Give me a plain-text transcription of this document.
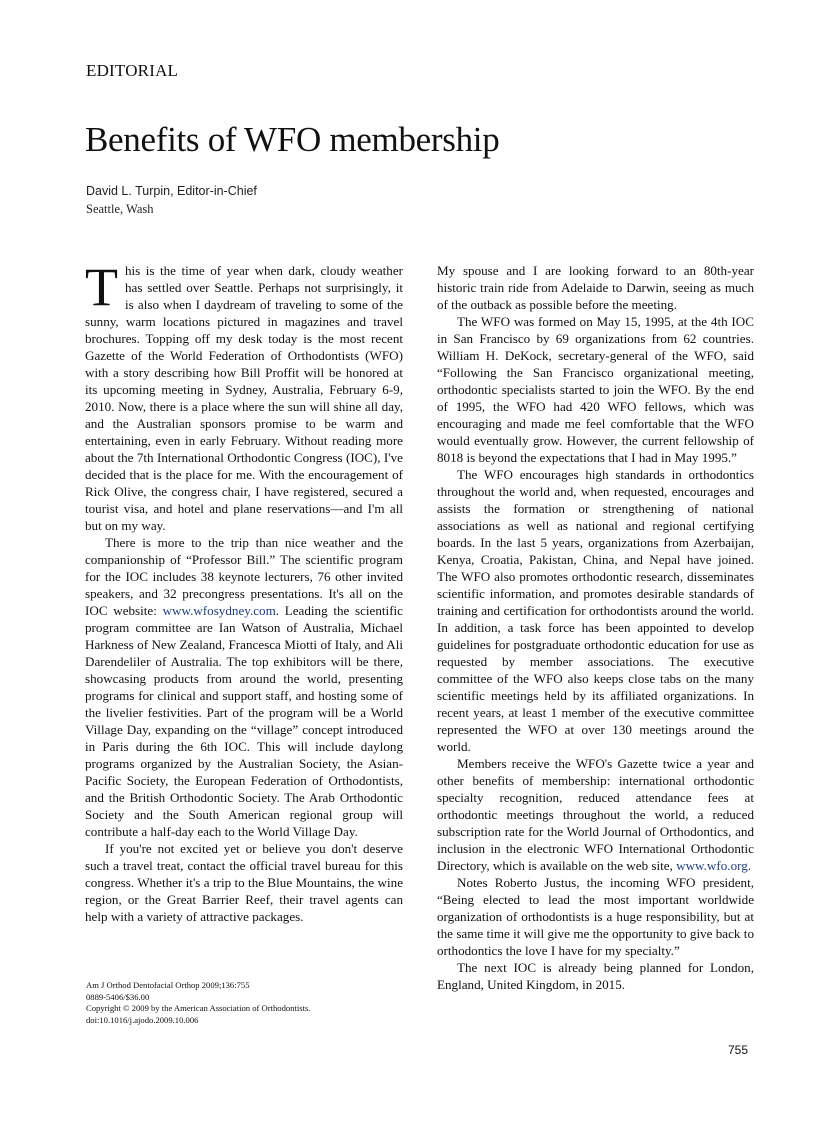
EDITORIAL
Benefits of WFO membership
David L. Turpin, Editor-in-Chief
Seattle, Wash

This is the time of year when dark, cloudy weather has settled over Seattle. Perhaps not surprisingly, it is also when I daydream of traveling to some of the sunny, warm locations pictured in magazines and travel brochures. Topping off my desk today is the most recent Gazette of the World Federation of Orthodontists (WFO) with a story describing how Bill Proffit will be honored at its upcoming meeting in Sydney, Australia, February 6-9, 2010. Now, there is a place where the sun will shine all day, and the Australian sponsors promise to be warm and entertaining, even in early February. Without reading more about the 7th International Orthodontic Congress (IOC), I've decided that is the place for me. With the encouragement of Rick Olive, the congress chair, I have registered, secured a tourist visa, and hotel and plane reservations—and I'm all but on my way.

There is more to the trip than nice weather and the companionship of “Professor Bill.” The scientific program for the IOC includes 38 keynote lecturers, 76 other invited speakers, and 32 precongress presentations. It's all on the IOC website: www.wfosydney.com. Leading the scientific program committee are Ian Watson of Australia, Michael Harkness of New Zealand, Francesca Miotti of Italy, and Ali Darendeliler of Australia. The top exhibitors will be there, showcasing products from around the world, presenting programs for clinical and support staff, and hosting some of the livelier festivities. Part of the program will be a World Village Day, expanding on the “village” concept introduced in Paris during the 6th IOC. This will include daylong programs organized by the Australian Society, the Asian-Pacific Society, the European Federation of Orthodontists, and the British Orthodontic Society. The Arab Orthodontic Society and the South American regional group will contribute a half-day each to the World Village Day.

If you're not excited yet or believe you don't deserve such a travel treat, contact the official travel bureau for this congress. Whether it's a trip to the Blue Mountains, the wine region, or the Great Barrier Reef, their travel agents can help with a variety of attractive packages.

My spouse and I are looking forward to an 80th-year historic train ride from Adelaide to Darwin, seeing as much of the outback as possible before the meeting.

The WFO was formed on May 15, 1995, at the 4th IOC in San Francisco by 69 organizations from 62 countries. William H. DeKock, secretary-general of the WFO, said “Following the San Francisco organizational meeting, orthodontic specialists started to join the WFO. By the end of 1995, the WFO had 420 WFO fellows, which was encouraging and made me feel comfortable that the WFO would eventually grow. However, the current fellowship of 8018 is beyond the expectations that I had in May 1995.”

The WFO encourages high standards in orthodontics throughout the world and, when requested, encourages and assists the formation or strengthening of national associations as well as national and regional certifying boards. In the last 5 years, organizations from Azerbaijan, Kenya, Croatia, Pakistan, China, and Nepal have joined. The WFO also promotes orthodontic research, disseminates scientific information, and promotes desirable standards of training and certification for orthodontists around the world. In addition, a task force has been appointed to develop guidelines for postgraduate orthodontic education for use as requested by member associations. The executive committee of the WFO also keeps close tabs on the many scientific meetings held by its affiliated organizations. In recent years, at least 1 member of the executive committee represented the WFO at over 130 meetings around the world.

Members receive the WFO's Gazette twice a year and other benefits of membership: international orthodontic specialty recognition, reduced attendance fees at orthodontic meetings throughout the world, a reduced subscription rate for the World Journal of Orthodontics, and inclusion in the electronic WFO International Orthodontic Directory, which is available on the web site, www.wfo.org.

Notes Roberto Justus, the incoming WFO president, “Being elected to lead the most important worldwide organization of orthodontists is a huge responsibility, but at the same time it will give me the opportunity to give back to orthodontics the love I have for my specialty.”

The next IOC is already being planned for London, England, United Kingdom, in 2015.

Am J Orthod Dentofacial Orthop 2009;136:755
0889-5406/$36.00
Copyright © 2009 by the American Association of Orthodontists.
doi:10.1016/j.ajodo.2009.10.006
755
